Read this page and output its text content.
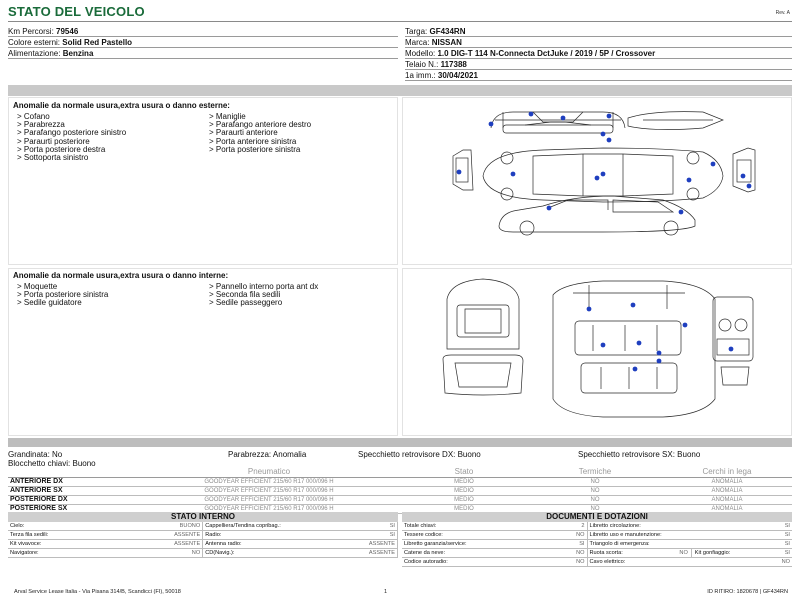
STATO DEL VEICOLO	Rev. A
Km Percorsi: 79546
Colore esterni: Solid Red Pastello
Alimentazione: Benzina
Targa: GF434RN
Marca: NISSAN
Modello: 1.0 DIG-T 114 N-Connecta DctJuke / 2019 / 5P / Crossover
Telaio N.: 117388
1a imm.: 30/04/2021
Anomalie da normale usura,extra usura o danno esterne:
> Cofano
> Parabrezza
> Parafango posteriore sinistro
> Paraurti posteriore
> Porta posteriore destra
> Sottoporta sinistro
> Maniglie
> Parafango anteriore destro
> Paraurti anteriore
> Porta anteriore sinistra
> Porta posteriore sinistra
Anomalie da normale usura,extra usura o danno interne:
> Moquette
> Porta posteriore sinistra
> Sedile guidatore
> Pannello interno porta ant dx
> Seconda fila sedili
> Sedile passeggero
Grandinata: No	Parabrezza: Anomalia	Specchietto retrovisore DX: Buono	Specchietto retrovisore SX: Buono
Blocchetto chiavi: Buono
	Pneumatico	Stato	Termiche	Cerchi in lega
ANTERIORE DX	GOODYEAR EFFICIENT 215/60 R17 000/096 H	MEDIO	NO	ANOMALIA
ANTERIORE SX	GOODYEAR EFFICIENT 215/60 R17 000/096 H	MEDIO	NO	ANOMALIA
POSTERIORE DX	GOODYEAR EFFICIENT 215/60 R17 000/096 H	MEDIO	NO	ANOMALIA
POSTERIORE SX	GOODYEAR EFFICIENT 215/60 R17 000/096 H	MEDIO	NO	ANOMALIA
STATO INTERNO
Cielo:	BUONO	Cappelliera/Tendina copribag.:	SI
Terza fila sedili:	ASSENTE	Radio:	SI
Kit vivavoce:	ASSENTE	Antenna radio:	ASSENTE
Navigatore:	NO	CD(Navig.):	ASSENTE
DOCUMENTI E DOTAZIONI
Totale chiavi:	2	Libretto circolazione: SI

Tessere codice:	NO	Libretto uso e manutenzione: SI

Libretto garanzia/service:	SI	Triangolo di emergenza: SI

Catene da neve:	NO	Ruota scorta: NO Kit gonfiaggio: SI

Codice autoradio:	NO	Cavo elettrico: NO
Arval Service Lease Italia - Via Pisana 314/B, Scandicci (FI), 50018	1	ID RITIRO: 1820678 | GF434RN
